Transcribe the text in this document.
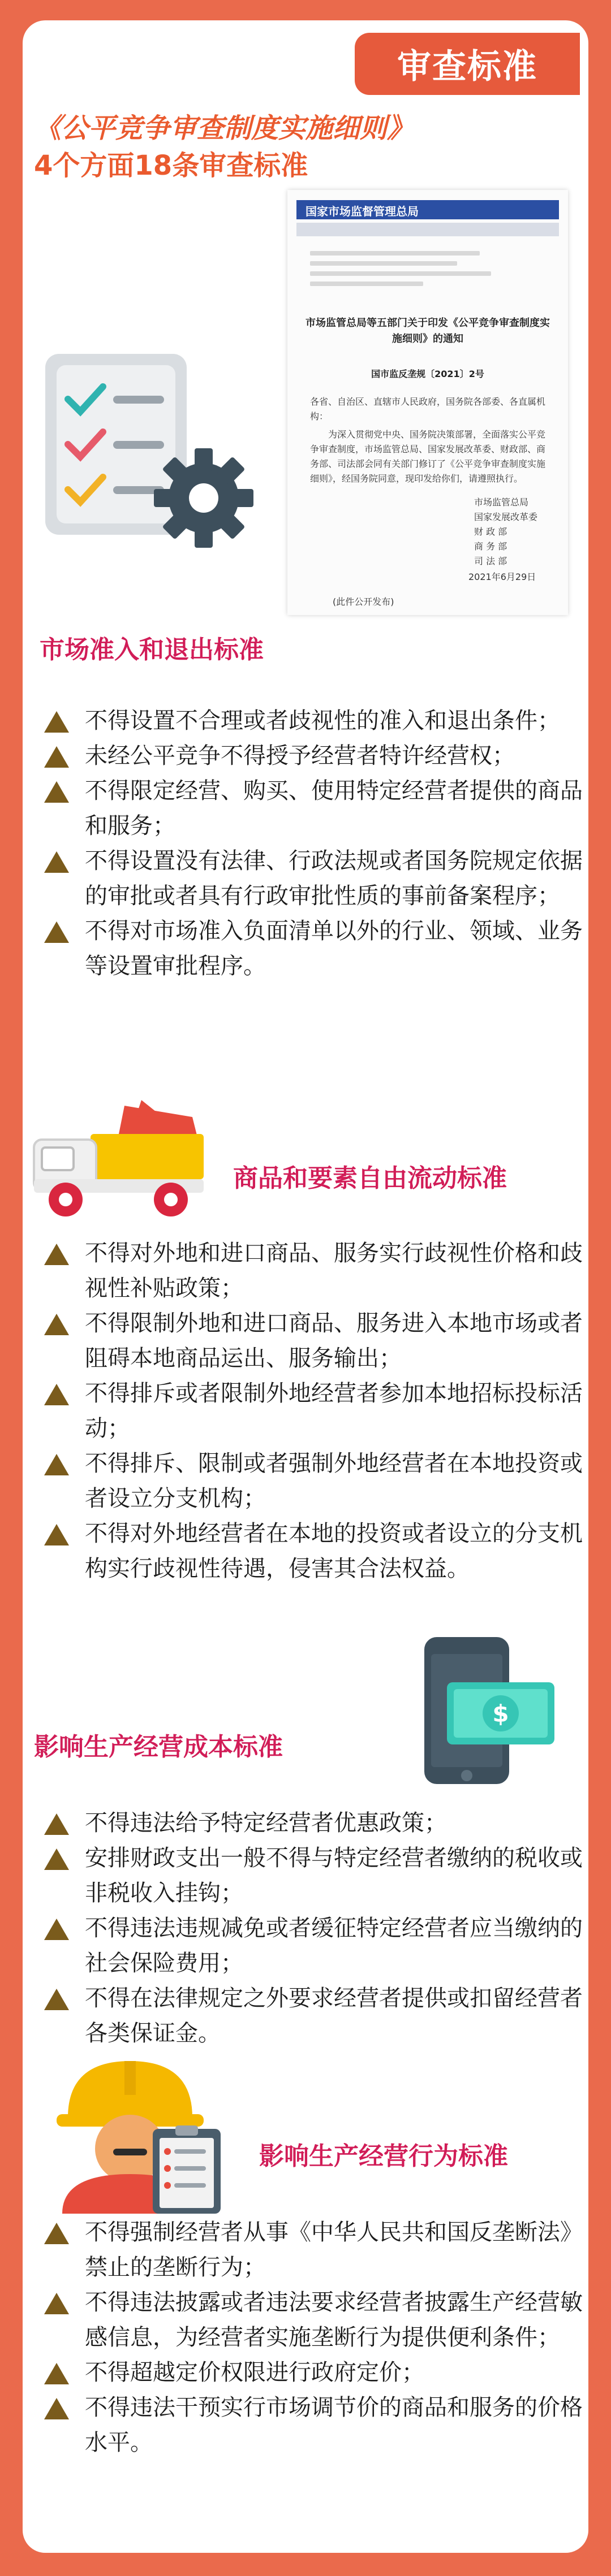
审查标准
《公平竞争审查制度实施细则》
4个方面18条审查标准
国家市场监督管理总局
市场监管总局等五部门关于印发《公平竞争审查制度实施细则》的通知
国市监反垄规〔2021〕2号
各省、自治区、直辖市人民政府，国务院各部委、各直属机构：
为深入贯彻党中央、国务院决策部署，全面落实公平竞争审查制度，市场监管总局、国家发展改革委、财政部、商务部、司法部会同有关部门修订了《公平竞争审查制度实施细则》，经国务院同意，现印发给你们，请遵照执行。
市场监管总局
国家发展改革委
财 政 部
商 务 部
司 法 部
2021年6月29日
(此件公开发布)
市场准入和退出标准
不得设置不合理或者歧视性的准入和退出条件；
未经公平竞争不得授予经营者特许经营权；
不得限定经营、购买、使用特定经营者提供的商品和服务；
不得设置没有法律、行政法规或者国务院规定依据的审批或者具有行政审批性质的事前备案程序；
不得对市场准入负面清单以外的行业、领域、业务等设置审批程序。
商品和要素自由流动标准
不得对外地和进口商品、服务实行歧视性价格和歧视性补贴政策；
不得限制外地和进口商品、服务进入本地市场或者阻碍本地商品运出、服务输出；
不得排斥或者限制外地经营者参加本地招标投标活动；
不得排斥、限制或者强制外地经营者在本地投资或者设立分支机构；
不得对外地经营者在本地的投资或者设立的分支机构实行歧视性待遇，侵害其合法权益。
$
影响生产经营成本标准
不得违法给予特定经营者优惠政策；
安排财政支出一般不得与特定经营者缴纳的税收或非税收入挂钩；
不得违法违规减免或者缓征特定经营者应当缴纳的社会保险费用；
不得在法律规定之外要求经营者提供或扣留经营者各类保证金。
影响生产经营行为标准
不得强制经营者从事《中华人民共和国反垄断法》禁止的垄断行为；
不得违法披露或者违法要求经营者披露生产经营敏感信息，为经营者实施垄断行为提供便利条件；
不得超越定价权限进行政府定价；
不得违法干预实行市场调节价的商品和服务的价格水平。
